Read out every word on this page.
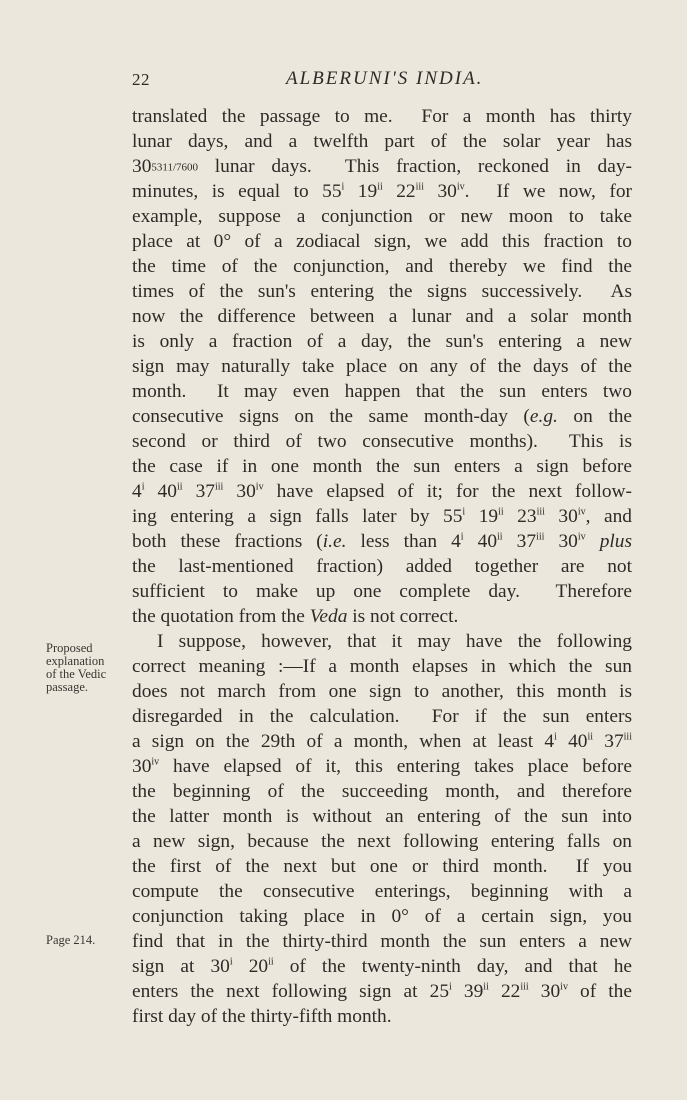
22	ALBERUNI'S INDIA.
Proposed
explanation
of the Vedic
passage.
Page 214.
translated the passage to me.  For a month has thirty
lunar days, and a twelfth part of the solar year has
305311/7600 lunar days.  This fraction, reckoned in day-
minutes, is equal to 55$^i$ 19$^{ii}$ 22$^{iii}$ 30$^{iv}$.  If we now, for
example, suppose a conjunction or new moon to take
place at 0° of a zodiacal sign, we add this fraction to
the time of the conjunction, and thereby we find the
times of the sun's entering the signs successively.  As
now the difference between a lunar and a solar month
is only a fraction of a day, the sun's entering a new
sign may naturally take place on any of the days of the
month.  It may even happen that the sun enters two
consecutive signs on the same month-day (e.g. on the
second or third of two consecutive months).  This is
the case if in one month the sun enters a sign before
4$^i$ 40$^{ii}$ 37$^{iii}$ 30$^{iv}$ have elapsed of it; for the next follow-
ing entering a sign falls later by 55$^i$ 19$^{ii}$ 23$^{iii}$ 30$^{iv}$, and
both these fractions (i.e. less than 4$^i$ 40$^{ii}$ 37$^{iii}$ 30$^{iv}$ plus
the last-mentioned fraction) added together are not
sufficient to make up one complete day.  Therefore
the quotation from the Veda is not correct.
I suppose, however, that it may have the following
correct meaning :—If a month elapses in which the sun
does not march from one sign to another, this month is
disregarded in the calculation.  For if the sun enters
a sign on the 29th of a month, when at least 4$^i$ 40$^{ii}$ 37$^{iii}$
30$^{iv}$ have elapsed of it, this entering takes place before
the beginning of the succeeding month, and therefore
the latter month is without an entering of the sun into
a new sign, because the next following entering falls on
the first of the next but one or third month.  If you
compute the consecutive enterings, beginning with a
conjunction taking place in 0° of a certain sign, you
find that in the thirty-third month the sun enters a new
sign at 30$^i$ 20$^{ii}$ of the twenty-ninth day, and that he
enters the next following sign at 25$^i$ 39$^{ii}$ 22$^{iii}$ 30$^{iv}$ of the
first day of the thirty-fifth month.
